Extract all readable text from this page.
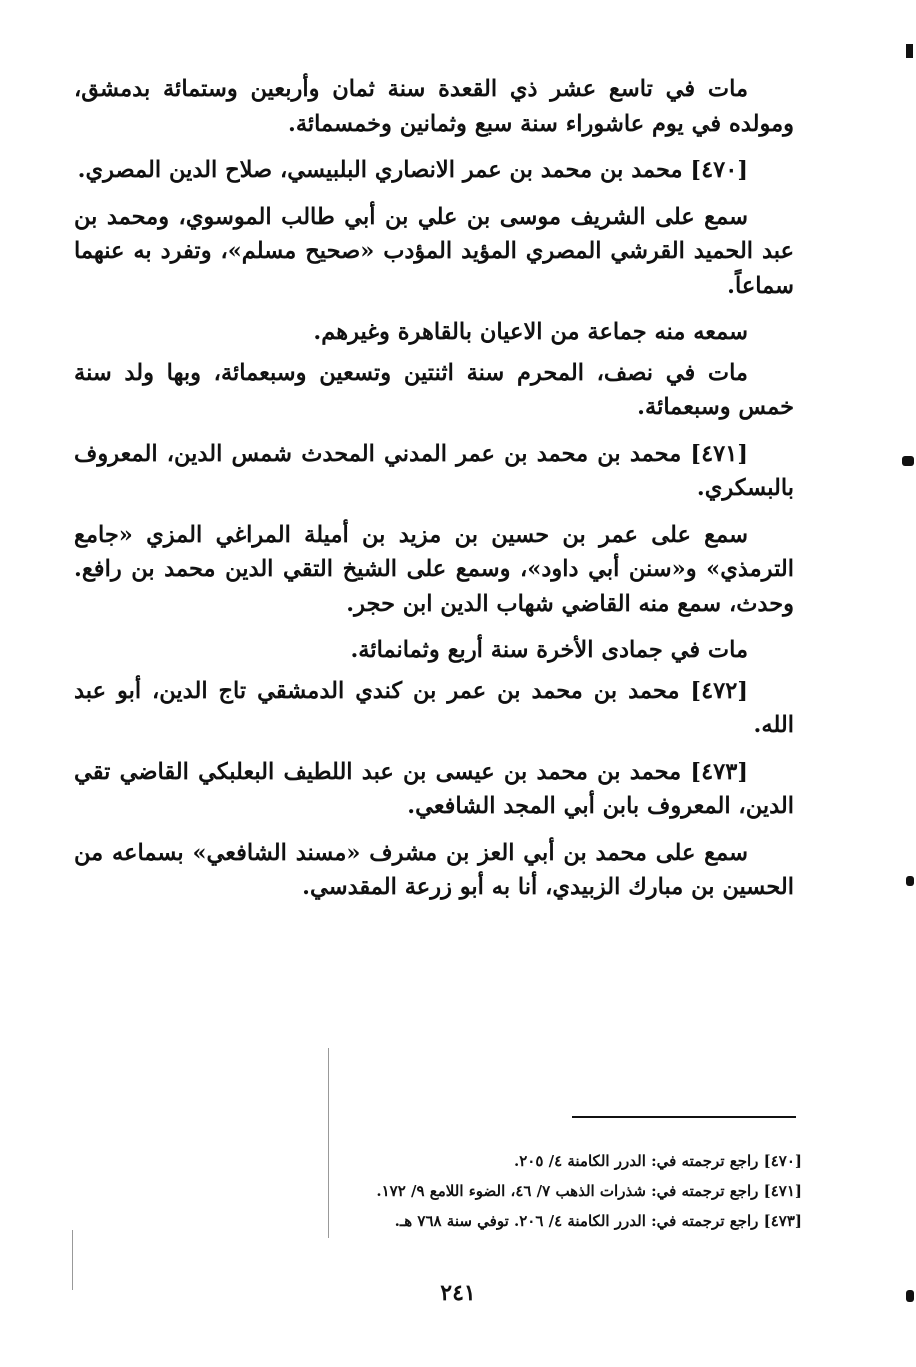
مات في تاسع عشر ذي القعدة سنة ثمان وأربعين وستمائة بدمشق، ومولده في يوم عاشوراء سنة سبع وثمانين وخمسمائة.

[٤٧٠] محمد بن محمد بن عمر الانصاري البلبيسي، صلاح الدين المصري.

سمع على الشريف موسى بن علي بن أبي طالب الموسوي، ومحمد بن عبد الحميد القرشي المصري المؤيد المؤدب «صحيح مسلم»، وتفرد به عنهما سماعاً.

سمعه منه جماعة من الاعيان بالقاهرة وغيرهم.

مات في نصف، المحرم سنة اثنتين وتسعين وسبعمائة، وبها ولد سنة خمس وسبعمائة.

[٤٧١] محمد بن محمد بن عمر المدني المحدث شمس الدين، المعروف بالبسكري.

سمع على عمر بن حسين بن مزيد بن أميلة المراغي المزي «جامع الترمذي» و«سنن أبي داود»، وسمع على الشيخ التقي الدين محمد بن رافع. وحدث، سمع منه القاضي شهاب الدين ابن حجر.

مات في جمادى الأخرة سنة أربع وثمانمائة.

[٤٧٢] محمد بن محمد بن عمر بن كندي الدمشقي تاج الدين، أبو عبد الله.

[٤٧٣] محمد بن محمد بن عيسى بن عبد اللطيف البعلبكي القاضي تقي الدين، المعروف بابن أبي المجد الشافعي.

سمع على محمد بن أبي العز بن مشرف «مسند الشافعي» بسماعه من الحسين بن مبارك الزبيدي، أنا به أبو زرعة المقدسي.

[٤٧٠] راجع ترجمته في: الدرر الكامنة ٤/ ٢٠٥.
[٤٧١] راجع ترجمته في: شذرات الذهب ٧/ ٤٦، الضوء اللامع ٩/ ١٧٢.
[٤٧٣] راجع ترجمته في: الدرر الكامنة ٤/ ٢٠٦. توفي سنة ٧٦٨ هـ.
٢٤١
